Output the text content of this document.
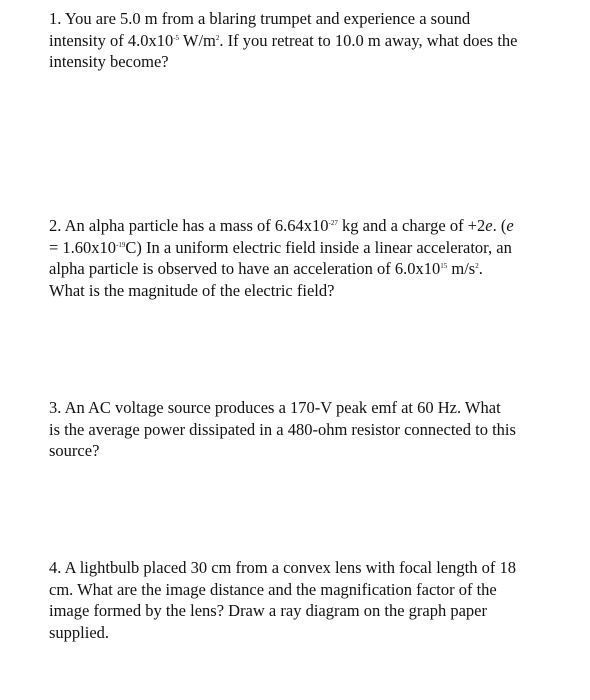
1. You are 5.0 m from a blaring trumpet and experience a sound
intensity of $4.0x10^{-5}$ $W/m^2$. If you retreat to 10.0 m away, what does the
intensity become?
2. An alpha particle has a mass of $6.64x10^{-27}$ kg and a charge of +2e. (e
= $1.60x10^{-19}C$) In a uniform electric field inside a linear accelerator, an
alpha particle is observed to have an acceleration of $6.0x10^{15}$ $m/s^2$.
What is the magnitude of the electric field?
3. An AC voltage source produces a 170-V peak emf at 60 Hz. What
is the average power dissipated in a 480-ohm resistor connected to this
source?
4. A lightbulb placed 30 cm from a convex lens with focal length of 18
cm. What are the image distance and the magnification factor of the
image formed by the lens? Draw a ray diagram on the graph paper
supplied.
